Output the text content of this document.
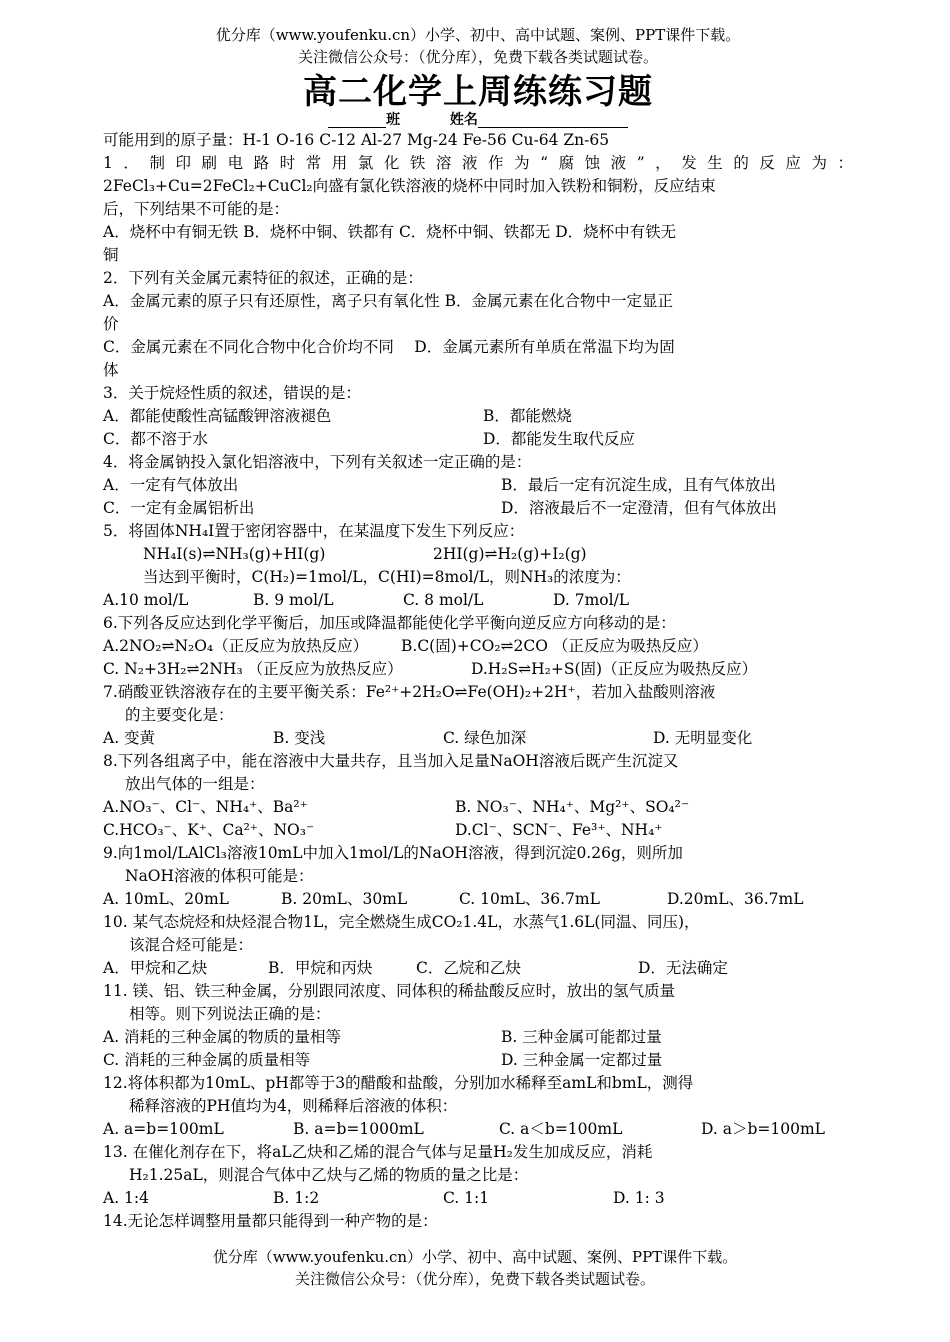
优分库（www.youfenku.cn）小学、初中、高中试题、案例、PPT课件下载。
关注微信公众号：（优分库），免费下载各类试题试卷。
高二化学上周练练习题
班	姓名
可能用到的原子量：H-1 O-16 C-12 Al-27 Mg-24 Fe-56 Cu-64 Zn-65
1．制印刷电路时常用氯化铁溶液作为“腐蚀液”，发生的反应为：
2FeCl₃+Cu=2FeCl₂+CuCl₂向盛有氯化铁溶液的烧杯中同时加入铁粉和铜粉，反应结束
后，下列结果不可能的是：
A．烧杯中有铜无铁 B．烧杯中铜、铁都有 C．烧杯中铜、铁都无 D．烧杯中有铁无
铜
2．下列有关金属元素特征的叙述，正确的是：
A．金属元素的原子只有还原性，离子只有氧化性 B．金属元素在化合物中一定显正
价
C．金属元素在不同化合物中化合价均不同　 D．金属元素所有单质在常温下均为固
体
3．关于烷烃性质的叙述，错误的是：
A．都能使酸性高锰酸钾溶液褪色	B．都能燃烧
C．都不溶于水	D．都能发生取代反应
4．将金属钠投入氯化铝溶液中，下列有关叙述一定正确的是：
A．一定有气体放出	B．最后一定有沉淀生成，且有气体放出
C．一定有金属铝析出	D．溶液最后不一定澄清，但有气体放出
5．将固体NH₄I置于密闭容器中，在某温度下发生下列反应：
NH₄I(s)⇌NH₃(g)+HI(g)	2HI(g)⇌H₂(g)+I₂(g)
当达到平衡时，C(H₂)=1mol/L，C(HI)=8mol/L，则NH₃的浓度为：
A.10 mol/L	B. 9 mol/L	C. 8 mol/L	D. 7mol/L
6.下列各反应达到化学平衡后，加压或降温都能使化学平衡向逆反应方向移动的是：
A.2NO₂⇌N₂O₄（正反应为放热反应）	B.C(固)+CO₂⇌2CO （正反应为吸热反应）
C. N₂+3H₂⇌2NH₃ （正反应为放热反应）	D.H₂S⇌H₂+S(固)（正反应为吸热反应）
7.硝酸亚铁溶液存在的主要平衡关系：Fe²⁺+2H₂O⇌Fe(OH)₂+2H⁺，若加入盐酸则溶液
的主要变化是：
A. 变黄	B. 变浅	C. 绿色加深	D. 无明显变化
8.下列各组离子中，能在溶液中大量共存，且当加入足量NaOH溶液后既产生沉淀又
放出气体的一组是：
A.NO₃⁻、Cl⁻、NH₄⁺、Ba²⁺	B. NO₃⁻、NH₄⁺、Mg²⁺、SO₄²⁻
C.HCO₃⁻、K⁺、Ca²⁺、NO₃⁻	D.Cl⁻、SCN⁻、Fe³⁺、NH₄⁺
9.向1mol/LAlCl₃溶液10mL中加入1mol/L的NaOH溶液，得到沉淀0.26g，则所加
NaOH溶液的体积可能是：
A. 10mL、20mL	B. 20mL、30mL	C. 10mL、36.7mL	D.20mL、36.7mL
10. 某气态烷烃和炔烃混合物1L，完全燃烧生成CO₂1.4L，水蒸气1.6L(同温、同压)，
该混合烃可能是：
A．甲烷和乙炔	B．甲烷和丙炔	C．乙烷和乙炔	D．无法确定
11. 镁、铝、铁三种金属，分别跟同浓度、同体积的稀盐酸反应时，放出的氢气质量
相等。则下列说法正确的是：
A. 消耗的三种金属的物质的量相等	B. 三种金属可能都过量
C. 消耗的三种金属的质量相等	D. 三种金属一定都过量
12.将体积都为10mL、pH都等于3的醋酸和盐酸，分别加水稀释至amL和bmL，测得
稀释溶液的PH值均为4，则稀释后溶液的体积：
A. a=b=100mL	B. a=b=1000mL	C. a＜b=100mL	D. a＞b=100mL
13. 在催化剂存在下，将aL乙炔和乙烯的混合气体与足量H₂发生加成反应，消耗
H₂1.25aL，则混合气体中乙炔与乙烯的物质的量之比是：
A. 1:4	B. 1:2	C. 1:1	D. 1: 3
14.无论怎样调整用量都只能得到一种产物的是：
优分库（www.youfenku.cn）小学、初中、高中试题、案例、PPT课件下载。
关注微信公众号：（优分库），免费下载各类试题试卷。
